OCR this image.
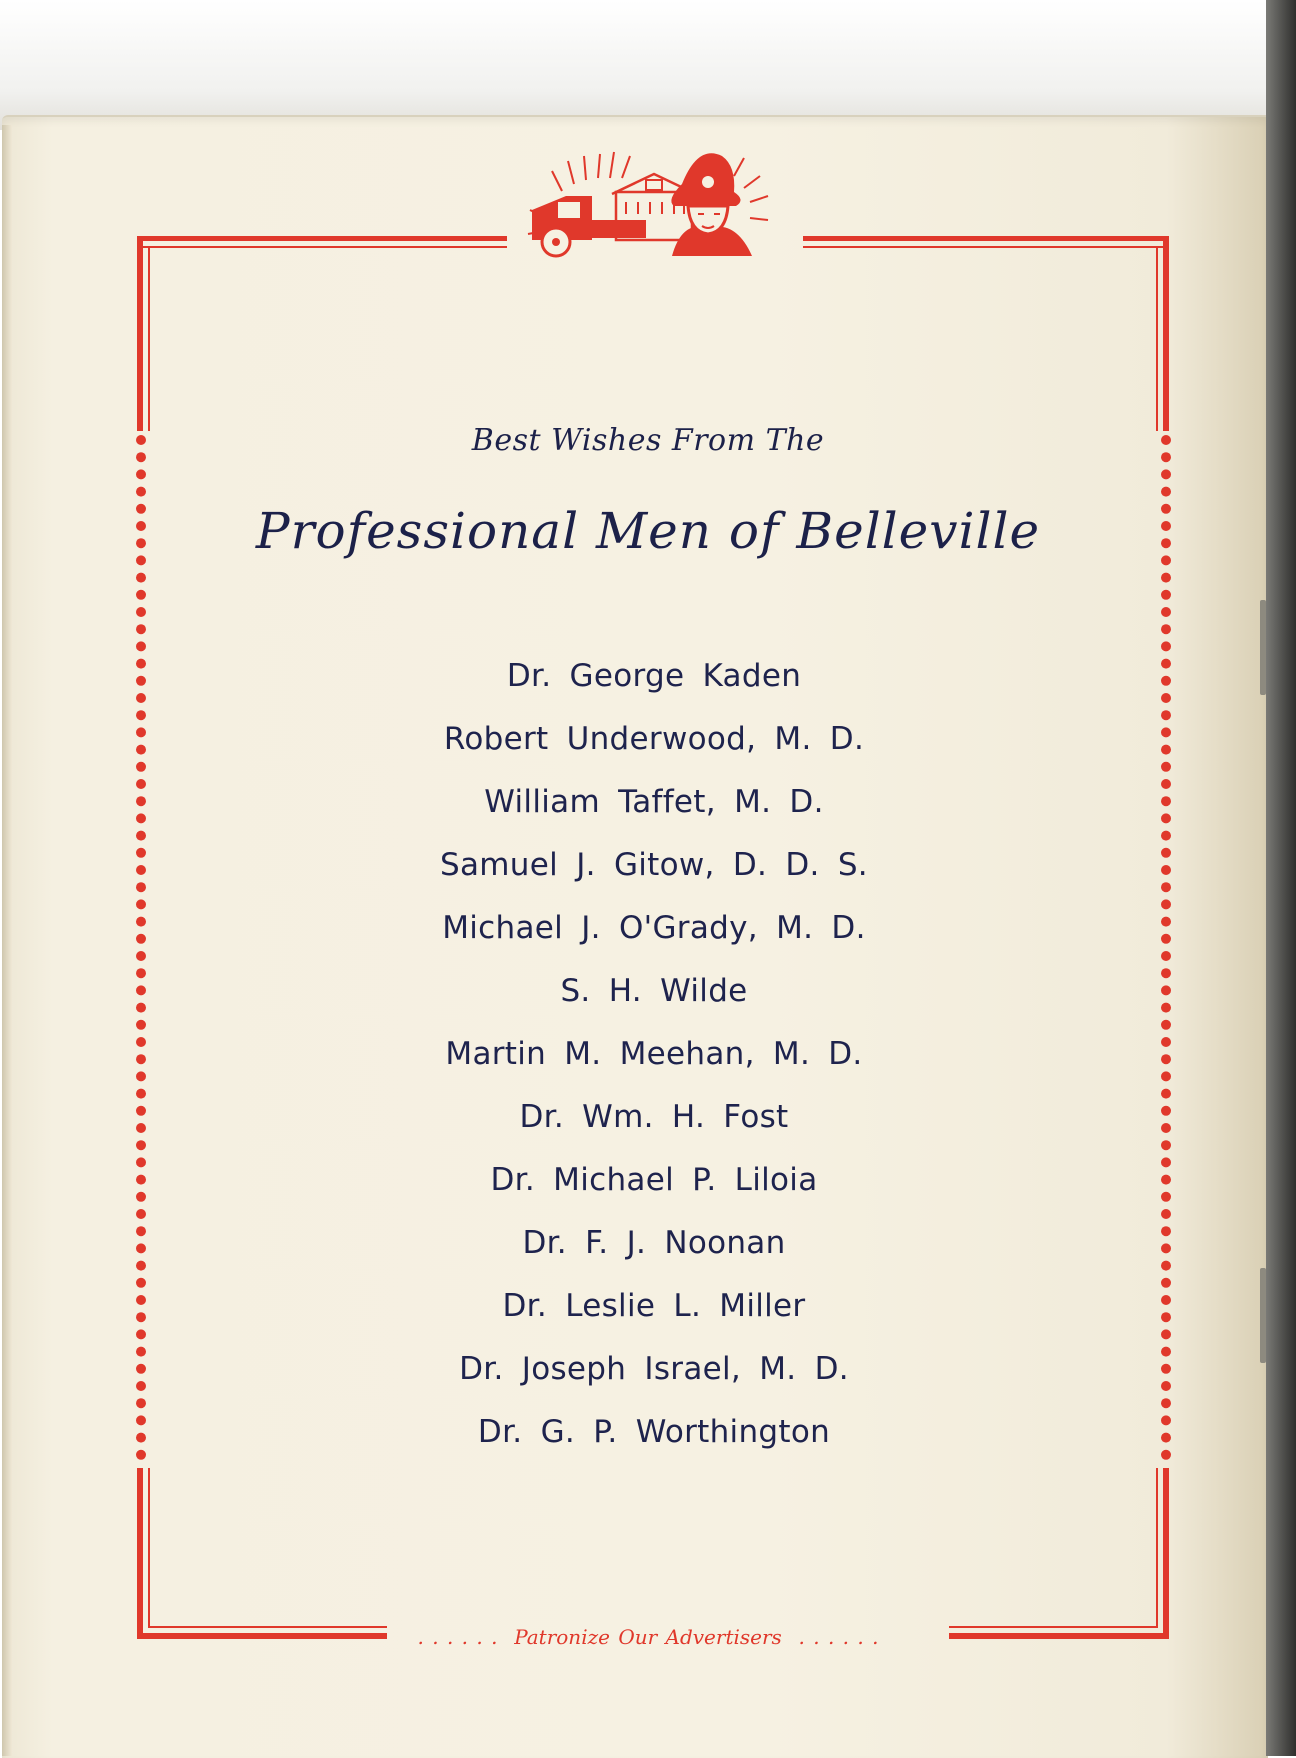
Best Wishes From The
Professional Men of Belleville
Dr. George Kaden
Robert Underwood, M. D.
William Taffet, M. D.
Samuel J. Gitow, D. D. S.
Michael J. O'Grady, M. D.
S. H. Wilde
Martin M. Meehan, M. D.
Dr. Wm. H. Fost
Dr. Michael P. Liloia
Dr. F. J. Noonan
Dr. Leslie L. Miller
Dr. Joseph Israel, M. D.
Dr. G. P. Worthington
. . . . . .  Patronize Our Advertisers  . . . . . .
